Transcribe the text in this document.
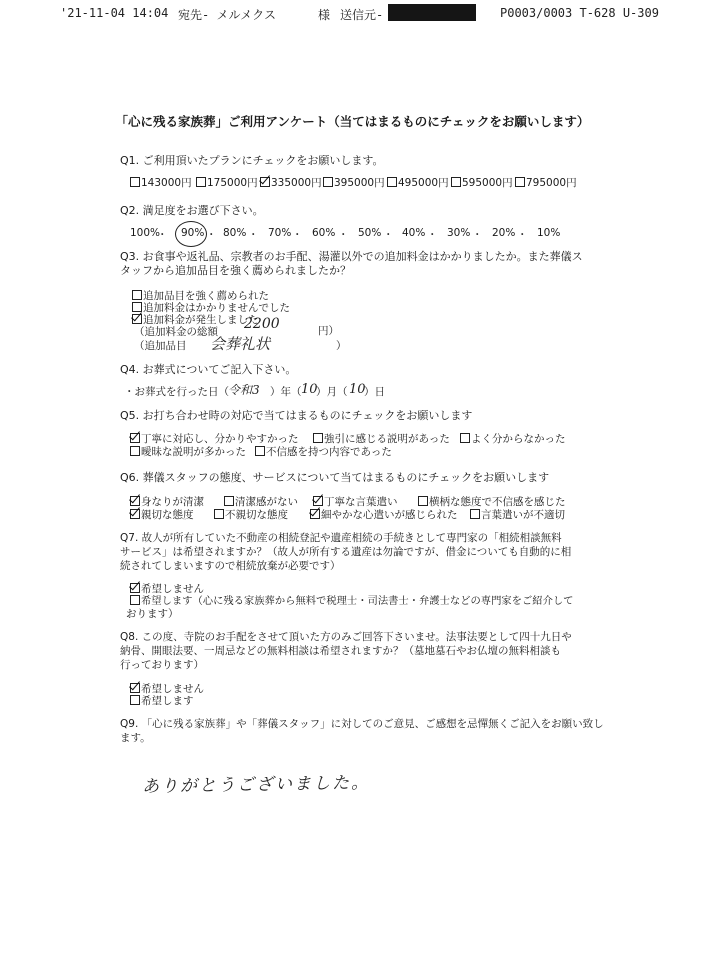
'21-11-04 14:04 宛先- メルメクス	様 送信元-	P0003/0003 T-628 U-309
「心に残る家族葬」ご利用アンケート（当てはまるものにチェックをお願いします）
Q1. ご利用頂いたプランにチェックをお願いします。
143000円	175000円	335000円	395000円	495000円	595000円	795000円
Q2. 満足度をお選び下さい。
100%
・ 90% ・ 80% ・ 70% ・ 60% ・ 50% ・ 40% ・ 30% ・ 20% ・ 10%
Q3. お食事や返礼品、宗教者のお手配、湯灌以外での追加料金はかかりましたか。また葬儀ス
タッフから追加品目を強く薦められましたか？
追加品目を強く薦められた
追加料金はかかりませんでした
追加料金が発生しました
（追加料金の総額 2200	円）
（追加品目 会葬礼状	）
Q4. お葬式についてご記入下さい。
・お葬式を行った日（ 令和3 ）年（ 10
）月（ 10
）日
Q5. お打ち合わせ時の対応で当てはまるものにチェックをお願いします
丁寧に対応し、分かりやすかった	強引に感じる説明があった	よく分からなかった
曖昧な説明が多かった	不信感を持つ内容であった
Q6. 葬儀スタッフの態度、サービスについて当てはまるものにチェックをお願いします
身なりが清潔	清潔感がない	丁寧な言葉遣い	横柄な態度で不信感を感じた
親切な態度	不親切な態度	細やかな心遣いが感じられた	言葉遣いが不適切
Q7. 故人が所有していた不動産の相続登記や遺産相続の手続きとして専門家の「相続相談無料
サービス」は希望されますか？（故人が所有する遺産は勿論ですが、借金についても自動的に相
続されてしまいますので相続放棄が必要です）
希望しません
希望します（心に残る家族葬から無料で税理士・司法書士・弁護士などの専門家をご紹介して
おります）
Q8. この度、寺院のお手配をさせて頂いた方のみご回答下さいませ。法事法要として四十九日や
納骨、開眼法要、一周忌などの無料相談は希望されますか？（墓地墓石やお仏壇の無料相談も
行っております）
希望しません
希望します
Q9. 「心に残る家族葬」や「葬儀スタッフ」に対してのご意見、ご感想を忌憚無くご記入をお願い致し
ます。
ありがとうございました。
